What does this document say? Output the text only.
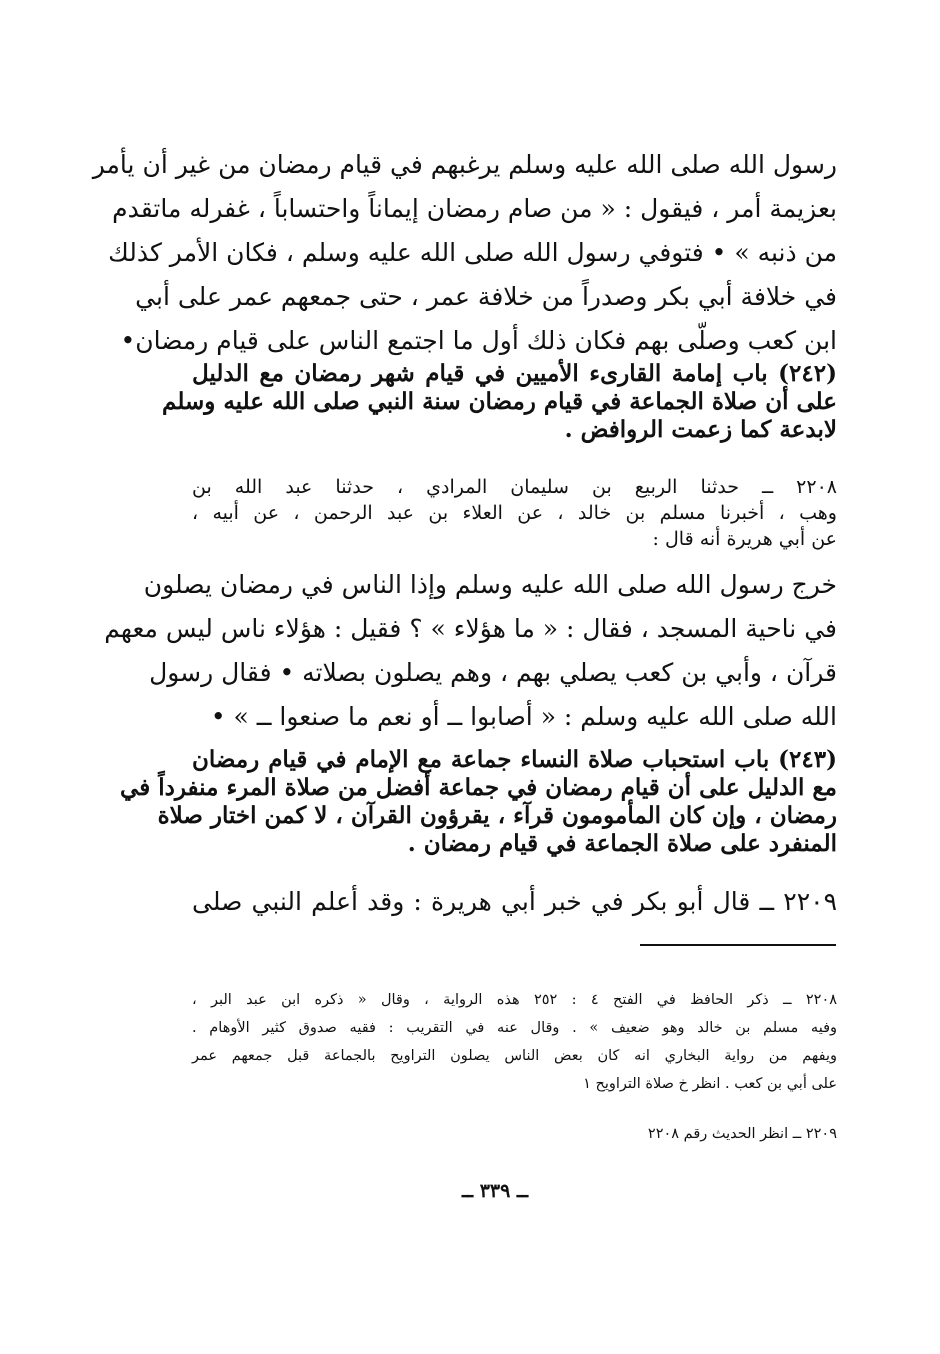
رسول الله صلى الله عليه وسلم يرغبهم في قيام رمضان من غير أن يأمر
بعزيمة أمر ، فيقول : « من صام رمضان إيماناً واحتساباً ، غفرله ماتقدم
من ذنبه » • فتوفي رسول الله صلى الله عليه وسلم ، فكان الأمر كذلك
في خلافة أبي بكر وصدراً من خلافة عمر ، حتى جمعهم عمر على أبي
ابن كعب وصلّى بهم فكان ذلك أول ما اجتمع الناس على قيام رمضان•
(٢٤٢) باب إمامة القارىء الأميين في قيام شهر رمضان مع الدليل
على أن صلاة الجماعة في قيام رمضان سنة النبي صلى الله عليه وسلم
لابدعة كما زعمت الروافض .
٢٢٠٨ ــ حدثنا الربيع بن سليمان المرادي ، حدثنا عبد الله بن
وهب ، أخبرنا مسلم بن خالد ، عن العلاء بن عبد الرحمن ، عن أبيه ،
عن أبي هريرة أنه قال :
خرج رسول الله صلى الله عليه وسلم وإذا الناس في رمضان يصلون
في ناحية المسجد ، فقال : « ما هؤلاء » ؟ فقيل : هؤلاء ناس ليس معهم
قرآن ، وأبي بن كعب يصلي بهم ، وهم يصلون بصلاته • فقال رسول
الله صلى الله عليه وسلم : « أصابوا ــ أو نعم ما صنعوا ــ » •
(٢٤٣) باب استحباب صلاة النساء جماعة مع الإمام في قيام رمضان
مع الدليل على أن قيام رمضان في جماعة أفضل من صلاة المرء منفرداً في
رمضان ، وإن كان المأمومون قرآء ، يقرؤون القرآن ، لا كمن اختار صلاة
المنفرد على صلاة الجماعة في قيام رمضان .
٢٢٠٩ ــ قال أبو بكر في خبر أبي هريرة : وقد أعلم النبي صلى
٢٢٠٨ ــ ذكر الحافظ في الفتح ٤ : ٢٥٢ هذه الرواية ، وقال « ذكره ابن عبد البر ،
وفيه مسلم بن خالد وهو ضعيف » . وقال عنه في التقريب : فقيه صدوق كثير الأوهام .
ويفهم من رواية البخاري انه كان بعض الناس يصلون التراويح بالجماعة قبل جمعهم عمر
على أبي بن كعب . انظر خ صلاة التراويح ١
٢٢٠٩ ــ انظر الحديث رقم ٢٢٠٨
ــ ٣٣٩ ــ
